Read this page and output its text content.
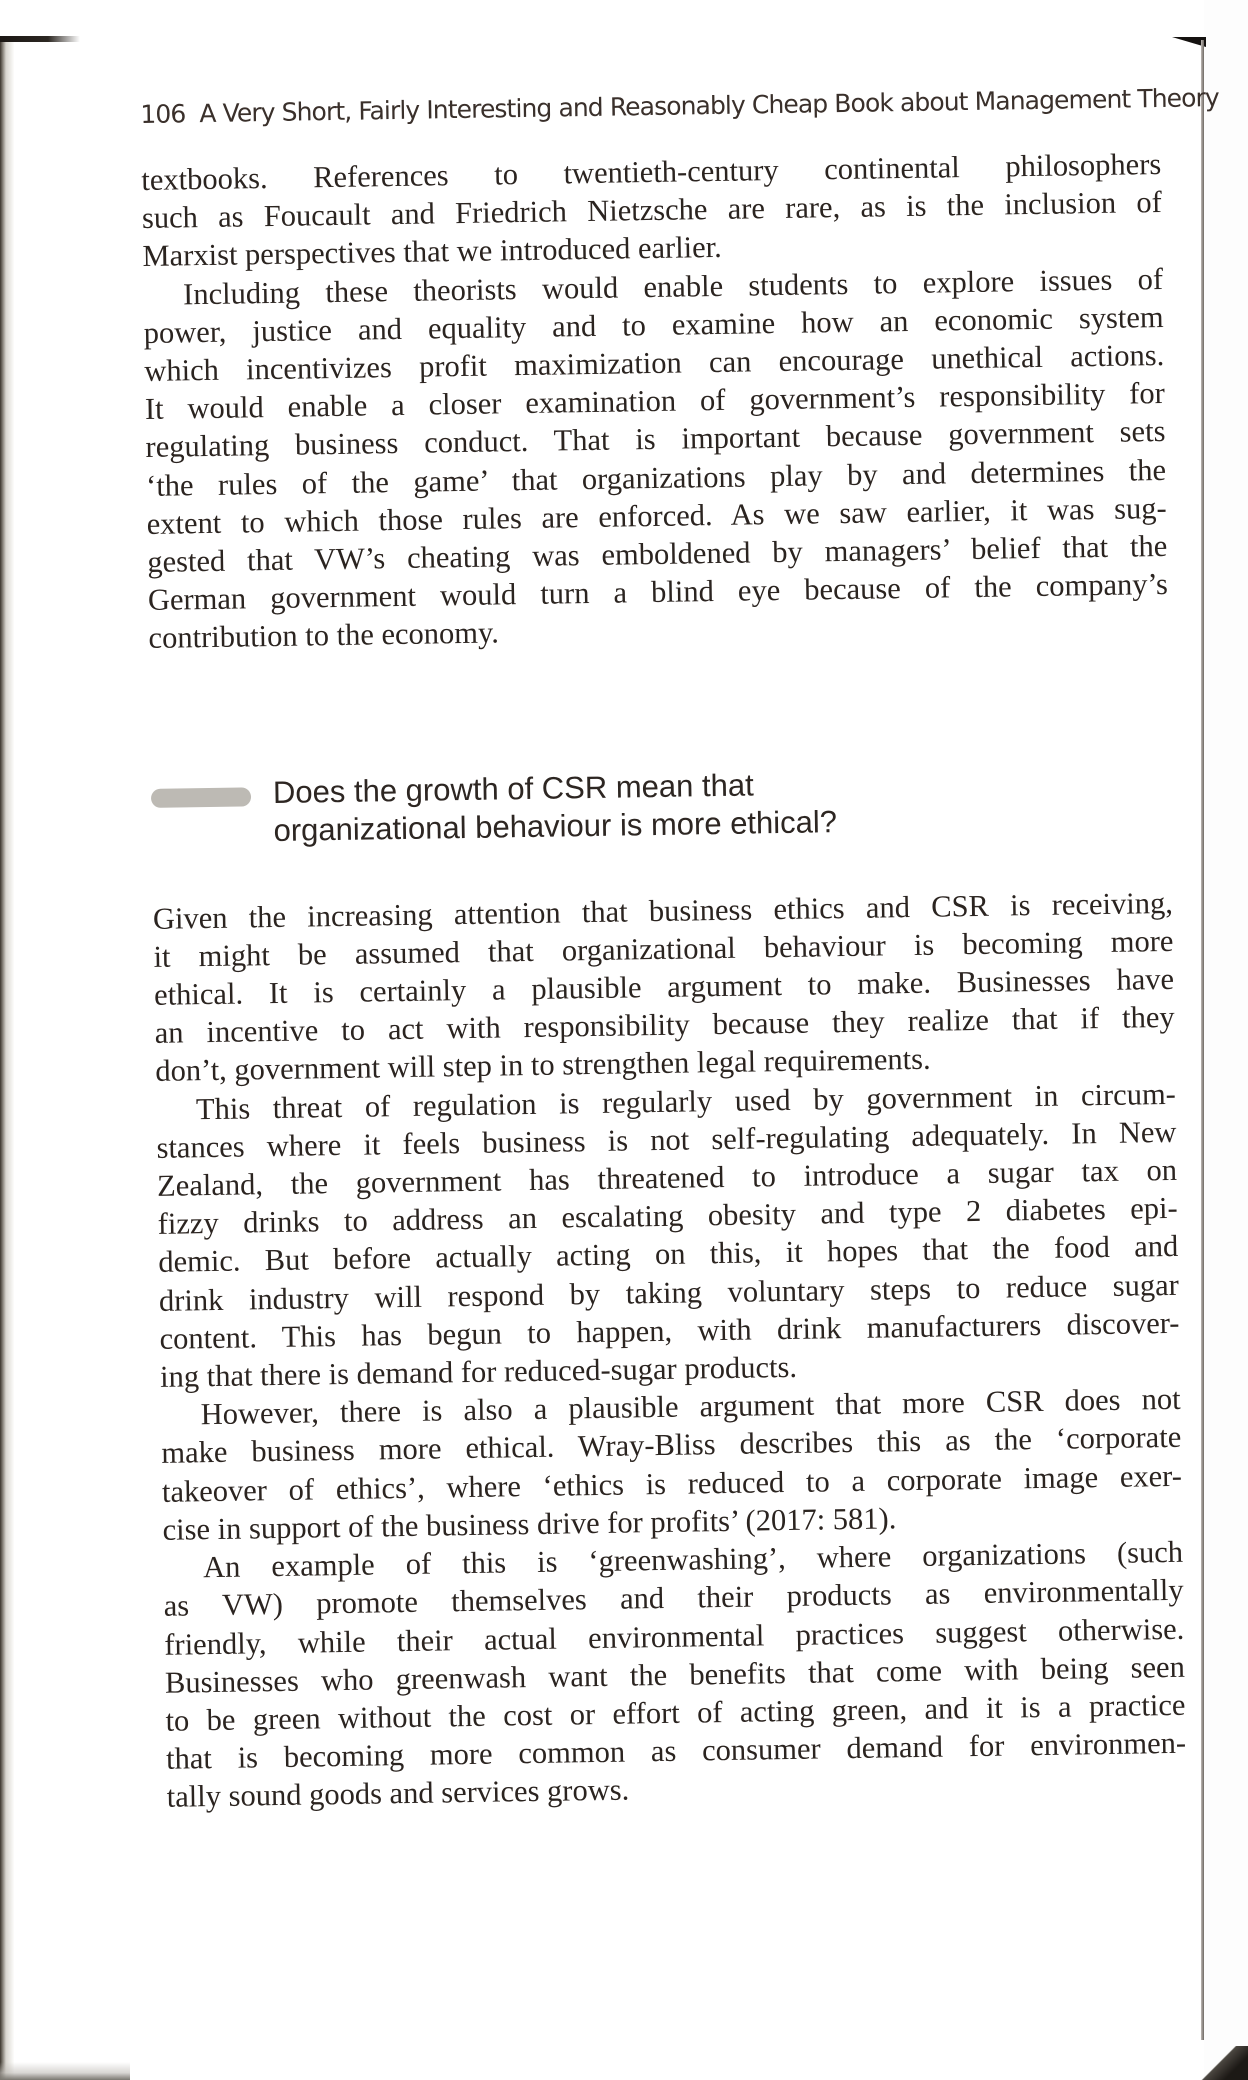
106 A Very Short, Fairly Interesting and Reasonably Cheap Book about Management Theory

textbooks. References to twentieth-century continental philosophers
such as Foucault and Friedrich Nietzsche are rare, as is the inclusion of
Marxist perspectives that we introduced earlier.

Including these theorists would enable students to explore issues of
power, justice and equality and to examine how an economic system
which incentivizes profit maximization can encourage unethical actions.
It would enable a closer examination of government’s responsibility for
regulating business conduct. That is important because government sets
‘the rules of the game’ that organizations play by and determines the
extent to which those rules are enforced. As we saw earlier, it was sug-
gested that VW’s cheating was emboldened by managers’ belief that the
German government would turn a blind eye because of the company’s
contribution to the economy.

Does the growth of CSR mean that
organizational behaviour is more ethical?

Given the increasing attention that business ethics and CSR is receiving,
it might be assumed that organizational behaviour is becoming more
ethical. It is certainly a plausible argument to make. Businesses have
an incentive to act with responsibility because they realize that if they
don’t, government will step in to strengthen legal requirements.

This threat of regulation is regularly used by government in circum-
stances where it feels business is not self-regulating adequately. In New
Zealand, the government has threatened to introduce a sugar tax on
fizzy drinks to address an escalating obesity and type 2 diabetes epi-
demic. But before actually acting on this, it hopes that the food and
drink industry will respond by taking voluntary steps to reduce sugar
content. This has begun to happen, with drink manufacturers discover-
ing that there is demand for reduced-sugar products.

However, there is also a plausible argument that more CSR does not
make business more ethical. Wray-Bliss describes this as the ‘corporate
takeover of ethics’, where ‘ethics is reduced to a corporate image exer-
cise in support of the business drive for profits’ (2017: 581).

An example of this is ‘greenwashing’, where organizations (such
as VW) promote themselves and their products as environmentally
friendly, while their actual environmental practices suggest otherwise.
Businesses who greenwash want the benefits that come with being seen
to be green without the cost or effort of acting green, and it is a practice
that is becoming more common as consumer demand for environmen-
tally sound goods and services grows.
